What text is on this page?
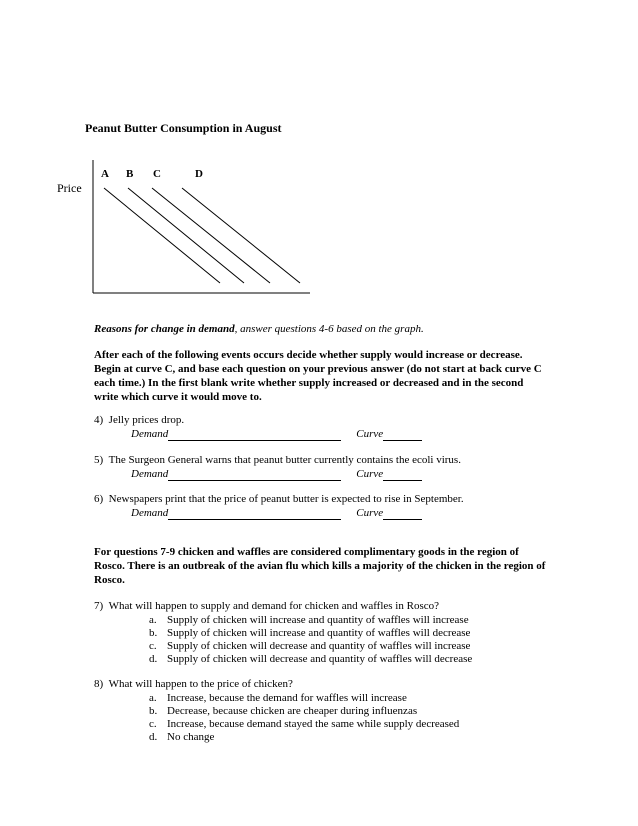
Peanut Butter Consumption in August
Price
A B C	D
Reasons for change in demand, answer questions 4-6 based on the graph.
After each of the following events occurs decide whether supply would increase or decrease. Begin at curve C, and base each question on your previous answer (do not start at back curve C each time.) In the first blank write whether supply increased or decreased and in the second write which curve it would move to.
4) Jelly prices drop.
Demand	Curve
5) The Surgeon General warns that peanut butter currently contains the ecoli virus.
Demand	Curve
6) Newspapers print that the price of peanut butter is expected to rise in September.
Demand	Curve
For questions 7-9 chicken and waffles are considered complimentary goods in the region of Rosco. There is an outbreak of the avian flu which kills a majority of the chicken in the region of Rosco.
7) What will happen to supply and demand for chicken and waffles in Rosco?
a. Supply of chicken will increase and quantity of waffles will increase
b. Supply of chicken will increase and quantity of waffles will decrease
c. Supply of chicken will decrease and quantity of waffles will increase
d. Supply of chicken will decrease and quantity of waffles will decrease
8) What will happen to the price of chicken?
a. Increase, because the demand for waffles will increase
b. Decrease, because chicken are cheaper during influenzas
c. Increase, because demand stayed the same while supply decreased
d. No change
